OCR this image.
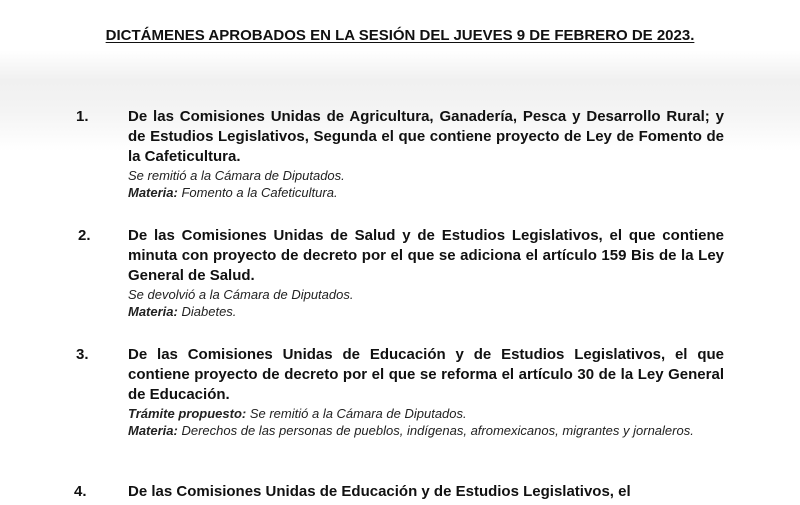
DICTÁMENES APROBADOS EN LA SESIÓN DEL JUEVES 9 DE FEBRERO DE 2023.
1.	De las Comisiones Unidas de Agricultura, Ganadería, Pesca y Desarrollo Rural; y de Estudios Legislativos, Segunda el que contiene proyecto de Ley de Fomento de la Cafeticultura.

Se remitió a la Cámara de Diputados.

Materia: Fomento a la Cafeticultura.

2. De las Comisiones Unidas de Salud y de Estudios Legislativos, el que contiene minuta con proyecto de decreto por el que se adiciona el artículo 159 Bis de la Ley General de Salud.

Se devolvió a la Cámara de Diputados.

Materia: Diabetes.

3.	De las Comisiones Unidas de Educación y de Estudios Legislativos, el que contiene proyecto de decreto por el que se reforma el artículo 30 de la Ley General de Educación.

Trámite propuesto: Se remitió a la Cámara de Diputados.

Materia: Derechos de las personas de pueblos, indígenas, afromexicanos, migrantes y jornaleros.

4.	De las Comisiones Unidas de Educación y de Estudios Legislativos, el
